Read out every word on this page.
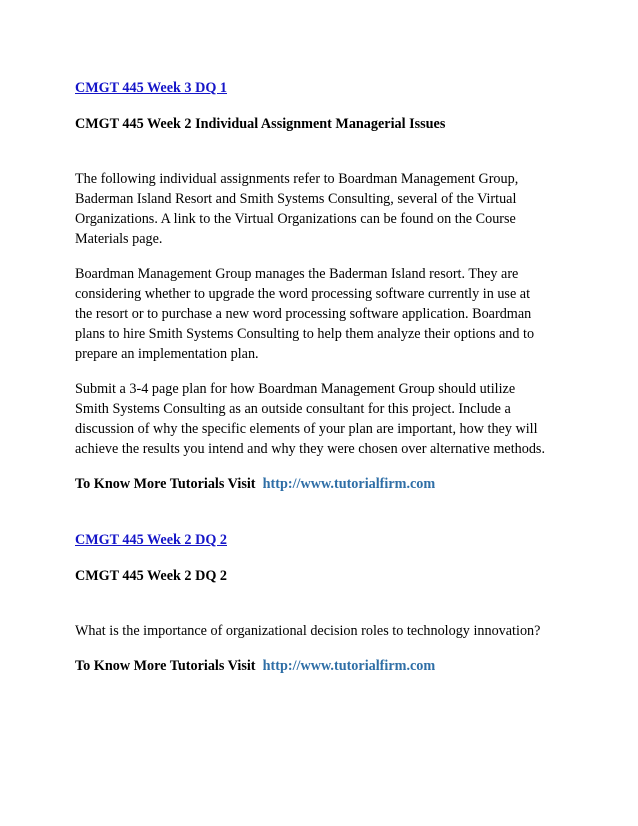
CMGT 445 Week 3 DQ 1

CMGT 445 Week 2 Individual Assignment Managerial Issues

The following individual assignments refer to Boardman Management Group,
Baderman Island Resort and Smith Systems Consulting, several of the Virtual
Organizations. A link to the Virtual Organizations can be found on the Course
Materials page.

Boardman Management Group manages the Baderman Island resort. They are
considering whether to upgrade the word processing software currently in use at
the resort or to purchase a new word processing software application. Boardman
plans to hire Smith Systems Consulting to help them analyze their options and to
prepare an implementation plan.

Submit a 3-4 page plan for how Boardman Management Group should utilize
Smith Systems Consulting as an outside consultant for this project. Include a
discussion of why the specific elements of your plan are important, how they will
achieve the results you intend and why they were chosen over alternative methods.

To Know More Tutorials Visit http://www.tutorialfirm.com

CMGT 445 Week 2 DQ 2

CMGT 445 Week 2 DQ 2

What is the importance of organizational decision roles to technology innovation?

To Know More Tutorials Visit http://www.tutorialfirm.com
